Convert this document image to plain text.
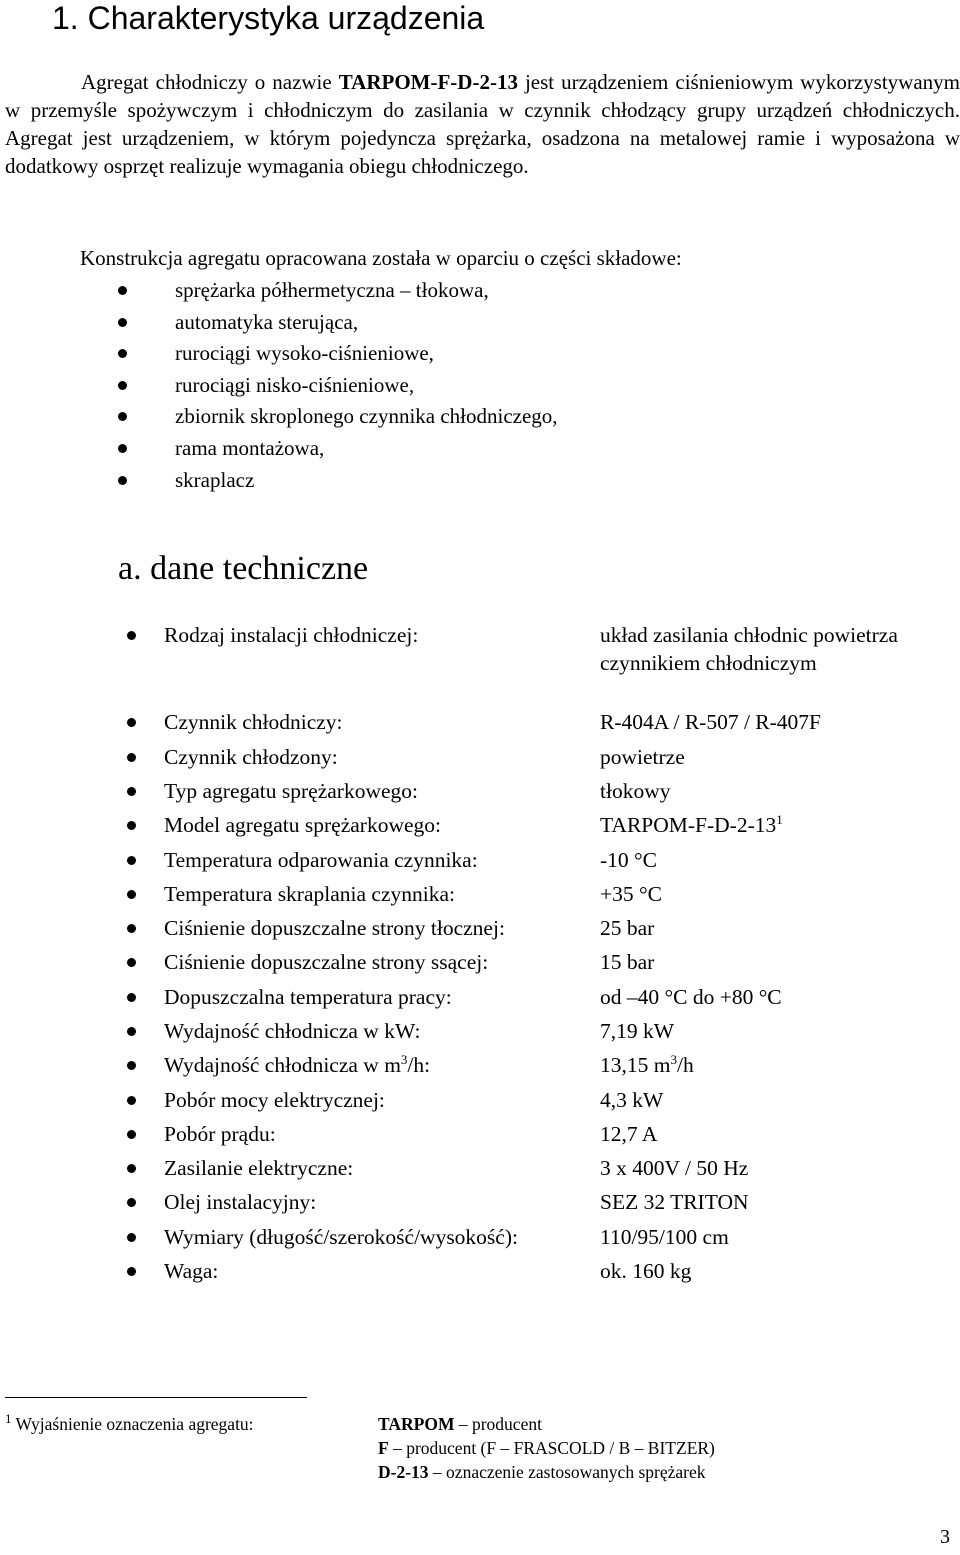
1. Charakterystyka urządzenia

Agregat chłodniczy o nazwie TARPOM-F-D-2-13 jest urządzeniem ciśnieniowym wykorzystywanym w przemyśle spożywczym i chłodniczym do zasilania w czynnik chłodzący grupy urządzeń chłodniczych. Agregat jest urządzeniem, w którym pojedyncza sprężarka, osadzona na metalowej ramie i wyposażona w dodatkowy osprzęt realizuje wymagania obiegu chłodniczego.

Konstrukcja agregatu opracowana została w oparciu o części składowe:

sprężarka półhermetyczna – tłokowa,
automatyka sterująca,
rurociągi wysoko-ciśnieniowe,
rurociągi nisko-ciśnieniowe,
zbiornik skroplonego czynnika chłodniczego,
rama montażowa,
skraplacz
a. dane techniczne
Rodzaj instalacji chłodniczej:	układ zasilania chłodnic powietrza czynnikiem chłodniczym
Czynnik chłodniczy:	R-404A / R-507 / R-407F
Czynnik chłodzony:	powietrze
Typ agregatu sprężarkowego:	tłokowy
Model agregatu sprężarkowego:	TARPOM-$F-D-2-13^1$
Temperatura odparowania czynnika:	-10 °C
Temperatura skraplania czynnika:	+35 °C
Ciśnienie dopuszczalne strony tłocznej:	25 bar
Ciśnienie dopuszczalne strony ssącej:	15 bar
Dopuszczalna temperatura pracy:	od –40 °C do +80 °C
Wydajność chłodnicza w kW:	7,19 kW
Wydajność chłodnicza w $m^3/h$:	13,15 $m^3/h$
Pobór mocy elektrycznej:	4,3 kW
Pobór prądu:	12,7 A
Zasilanie elektryczne:	3 x 400V / 50 Hz
Olej instalacyjny:	SEZ 32 TRITON
Wymiary (długość/szerokość/wysokość):	110/95/100 cm
Waga:	ok. 160 kg
$^1$ Wyjaśnienie oznaczenia agregatu:	TARPOM – producent
F – producent (F – FRASCOLD / B – BITZER)
D-2-13 – oznaczenie zastosowanych sprężarek
3
